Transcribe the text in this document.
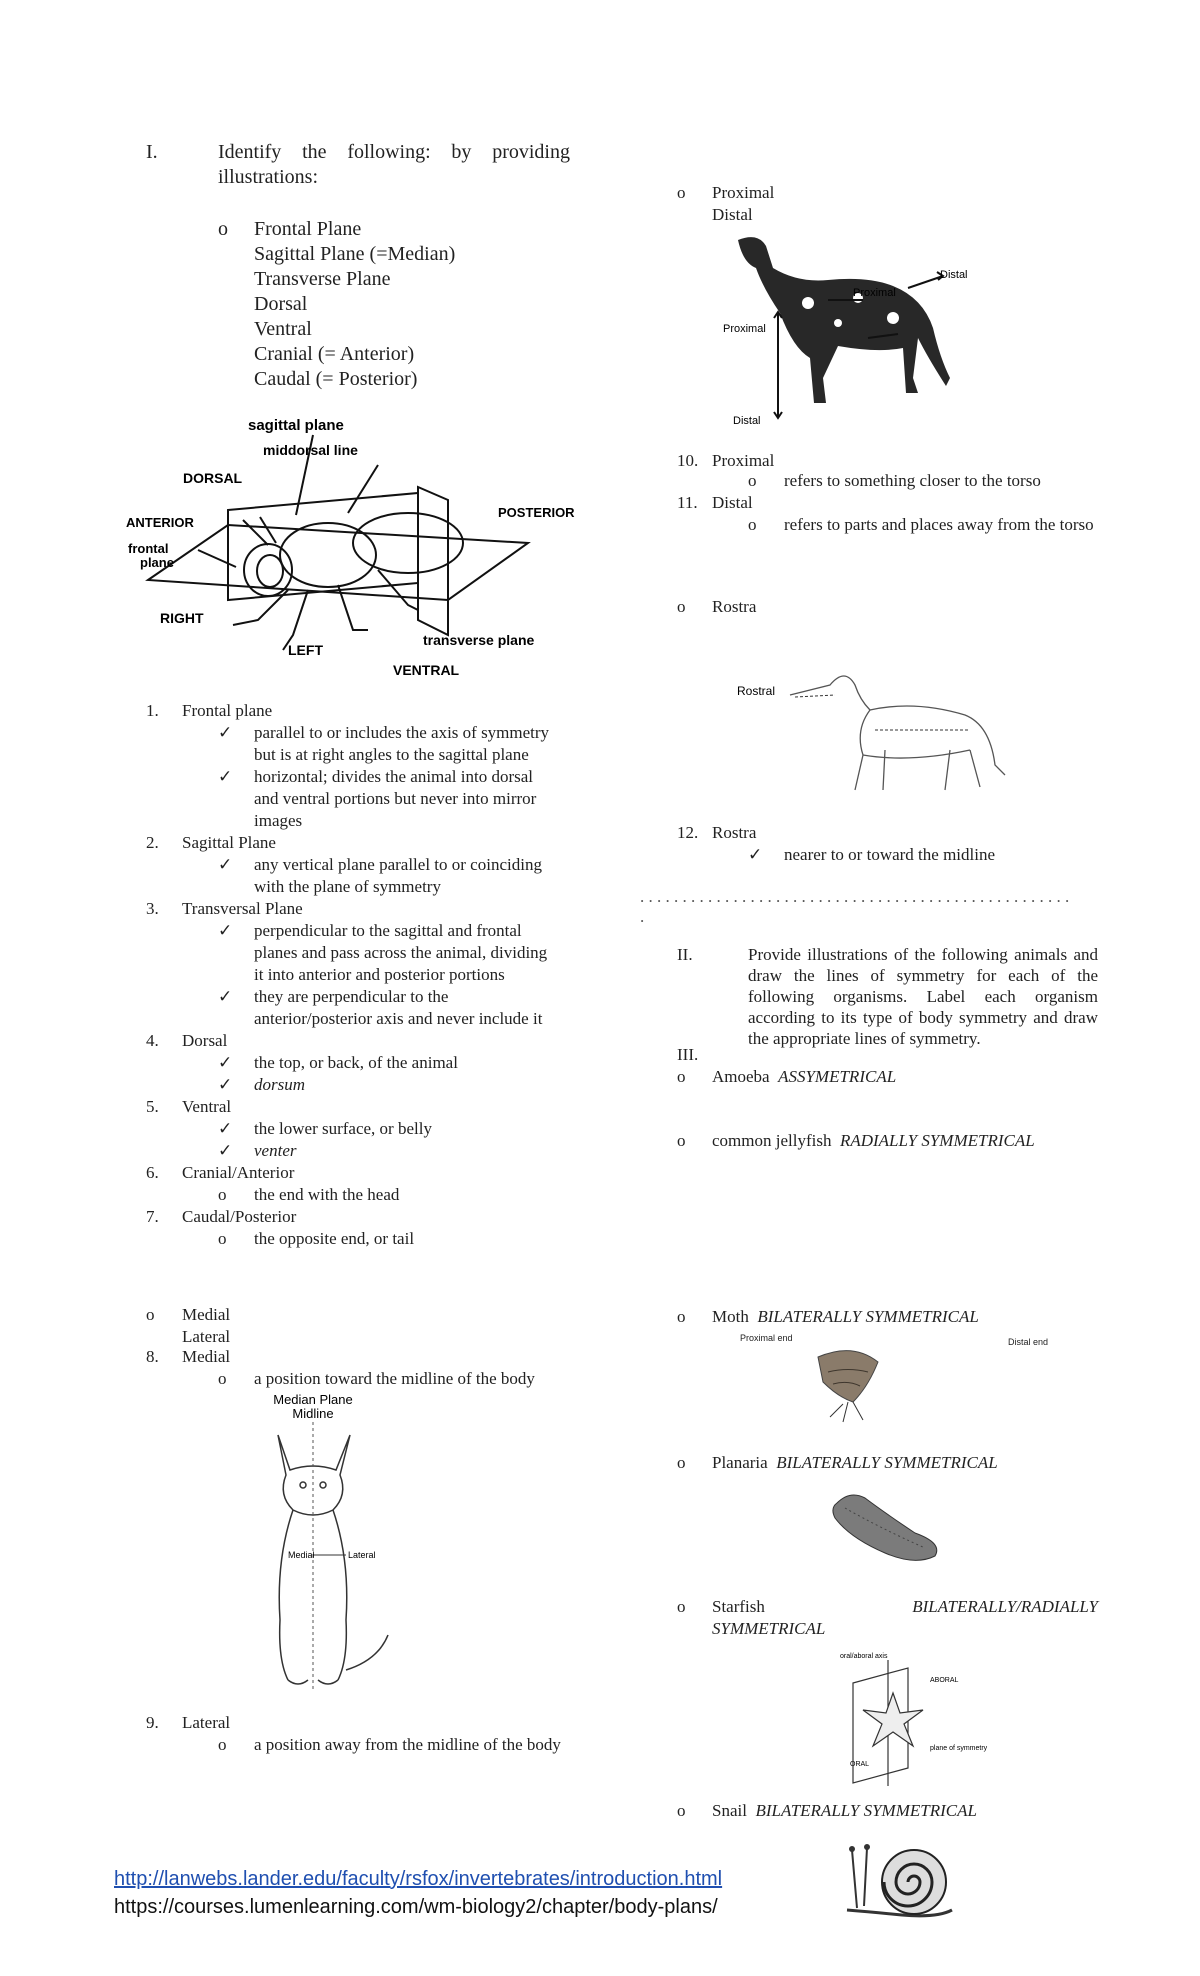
I.	Identify the following: by providing illustrations:
o Frontal Plane
Sagittal Plane (=Median)
Transverse Plane
Dorsal
Ventral
Cranial (= Anterior)
Caudal (= Posterior)
sagittal plane
middorsal line
DORSAL
POSTERIOR
ANTERIOR
frontal
plane
RIGHT
LEFT
transverse plane
VENTRAL
1. Frontal plane
✓ parallel to or includes the axis of symmetry
but is at right angles to the sagittal plane
✓ horizontal; divides the animal into dorsal
and ventral portions but never into mirror
images
2. Sagittal Plane
✓ any vertical plane parallel to or coinciding
with the plane of symmetry
3. Transversal Plane
✓ perpendicular to the sagittal and frontal
planes and pass across the animal, dividing
it into anterior and posterior portions
✓ they are perpendicular to the
anterior/posterior axis and never include it
4. Dorsal
✓ the top, or back, of the animal
✓ dorsum
5. Ventral
✓ the lower surface, or belly
✓ venter
6. Cranial/Anterior
o the end with the head
7. Caudal/Posterior
o the opposite end, or tail
o Medial
Lateral
8. Medial
o a position toward the midline of the body
Median Plane
Midline
Medial	Lateral
9. Lateral
o a position away from the midline of the body
http://lanwebs.lander.edu/faculty/rsfox/invertebrates/introduction.html
https://courses.lumenlearning.com/wm-biology2/chapter/body-plans/
o Proximal
Distal
Distal
Proximal
Proximal
Distal
10. Proximal
o refers to something closer to the torso
11. Distal
o refers to parts and places away from the torso
o Rostra
Rostral
12. Rostra
✓ nearer to or toward the midline
. . . . . . . . . . . . . . . . . . . . . . . . . . . . . . . . . . . . . . . . . . . . . . . . . . .
.
II.	Provide illustrations of the following animals and draw the lines of symmetry for each of the following organisms. Label each organism according to its type of body symmetry and draw the appropriate lines of symmetry.
III.
o Amoeba ASSYMETRICAL
o common jellyfish RADIALLY SYMMETRICAL
o Moth BILATERALLY SYMMETRICAL
Proximal end	Distal end
o Planaria BILATERALLY SYMMETRICAL
o Starfish	BILATERALLY/RADIALLY
SYMMETRICAL
oral/aboral axis
ABORAL
ORAL
plane of symmetry
o Snail BILATERALLY SYMMETRICAL
